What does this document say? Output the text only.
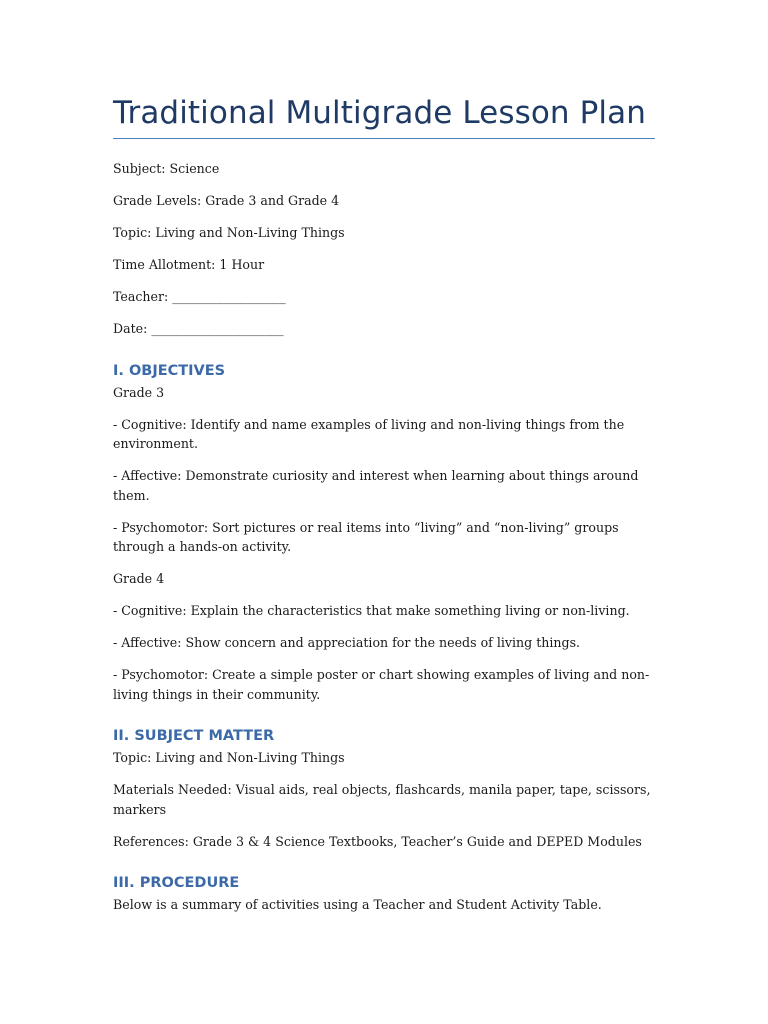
Traditional Multigrade Lesson Plan

Subject: Science

Grade Levels: Grade 3 and Grade 4

Topic: Living and Non-Living Things

Time Allotment: 1 Hour

Teacher: __________________

Date: _____________________

I. OBJECTIVES

Grade 3

- Cognitive: Identify and name examples of living and non-living things from the environment.

- Affective: Demonstrate curiosity and interest when learning about things around them.

- Psychomotor: Sort pictures or real items into “living” and “non-living” groups through a hands-on activity.

Grade 4

- Cognitive: Explain the characteristics that make something living or non-living.

- Affective: Show concern and appreciation for the needs of living things.

- Psychomotor: Create a simple poster or chart showing examples of living and non-living things in their community.

II. SUBJECT MATTER

Topic: Living and Non-Living Things

Materials Needed: Visual aids, real objects, flashcards, manila paper, tape, scissors, markers

References: Grade 3 & 4 Science Textbooks, Teacher’s Guide and DEPED Modules

III. PROCEDURE

Below is a summary of activities using a Teacher and Student Activity Table.
